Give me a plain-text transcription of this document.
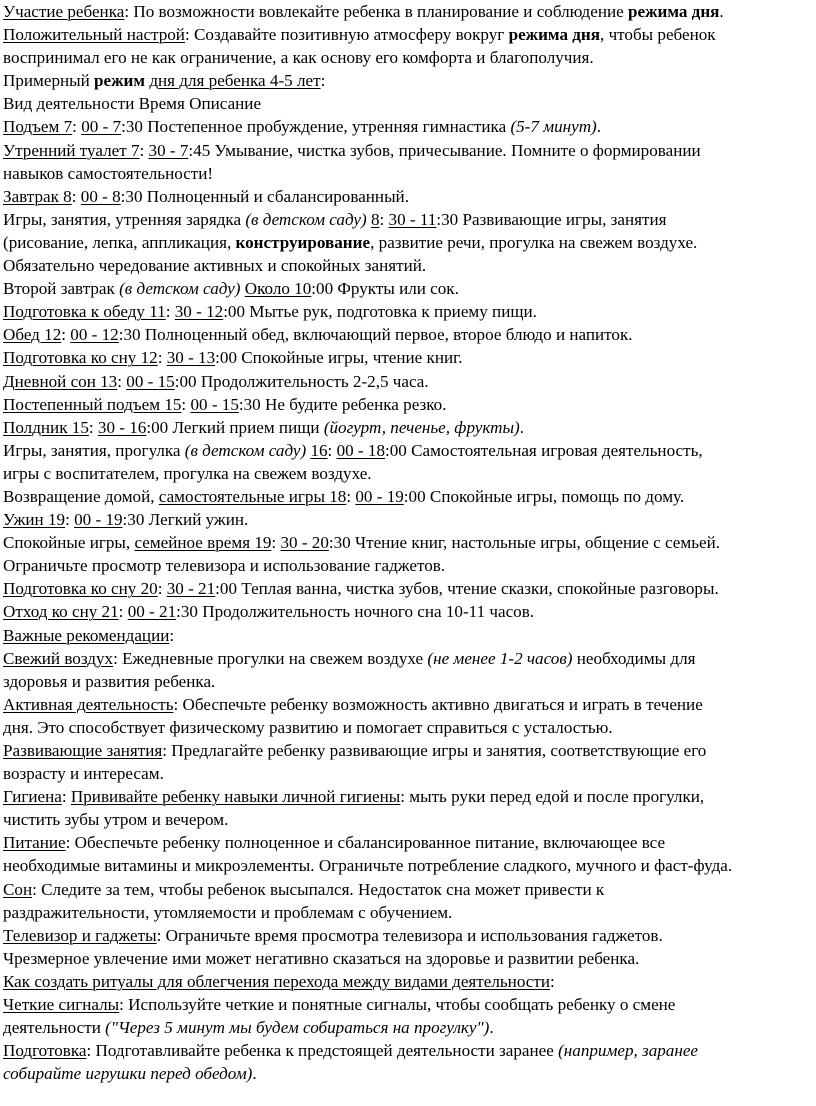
Участие ребенка: По возможности вовлекайте ребенка в планирование и соблюдение режима дня.
Положительный настрой: Создавайте позитивную атмосферу вокруг режима дня, чтобы ребенок
воспринимал его не как ограничение, а как основу его комфорта и благополучия.
Примерный режим дня для ребенка 4-5 лет:
Вид деятельности Время Описание
Подъем 7: 00 - 7:30 Постепенное пробуждение, утренняя гимнастика (5-7 минут).
Утренний туалет 7: 30 - 7:45 Умывание, чистка зубов, причесывание. Помните о формировании
навыков самостоятельности!
Завтрак 8: 00 - 8:30 Полноценный и сбалансированный.
Игры, занятия, утренняя зарядка (в детском саду) 8: 30 - 11:30 Развивающие игры, занятия
(рисование, лепка, аппликация, конструирование, развитие речи, прогулка на свежем воздухе.
Обязательно чередование активных и спокойных занятий.
Второй завтрак (в детском саду) Около 10:00 Фрукты или сок.
Подготовка к обеду 11: 30 - 12:00 Мытье рук, подготовка к приему пищи.
Обед 12: 00 - 12:30 Полноценный обед, включающий первое, второе блюдо и напиток.
Подготовка ко сну 12: 30 - 13:00 Спокойные игры, чтение книг.
Дневной сон 13: 00 - 15:00 Продолжительность 2-2,5 часа.
Постепенный подъем 15: 00 - 15:30 Не будите ребенка резко.
Полдник 15: 30 - 16:00 Легкий прием пищи (йогурт, печенье, фрукты).
Игры, занятия, прогулка (в детском саду) 16: 00 - 18:00 Самостоятельная игровая деятельность,
игры с воспитателем, прогулка на свежем воздухе.
Возвращение домой, самостоятельные игры 18: 00 - 19:00 Спокойные игры, помощь по дому.
Ужин 19: 00 - 19:30 Легкий ужин.
Спокойные игры, семейное время 19: 30 - 20:30 Чтение книг, настольные игры, общение с семьей.
Ограничьте просмотр телевизора и использование гаджетов.
Подготовка ко сну 20: 30 - 21:00 Теплая ванна, чистка зубов, чтение сказки, спокойные разговоры.
Отход ко сну 21: 00 - 21:30 Продолжительность ночного сна 10-11 часов.
Важные рекомендации:
Свежий воздух: Ежедневные прогулки на свежем воздухе (не менее 1-2 часов) необходимы для
здоровья и развития ребенка.
Активная деятельность: Обеспечьте ребенку возможность активно двигаться и играть в течение
дня. Это способствует физическому развитию и помогает справиться с усталостью.
Развивающие занятия: Предлагайте ребенку развивающие игры и занятия, соответствующие его
возрасту и интересам.
Гигиена: Прививайте ребенку навыки личной гигиены: мыть руки перед едой и после прогулки,
чистить зубы утром и вечером.
Питание: Обеспечьте ребенку полноценное и сбалансированное питание, включающее все
необходимые витамины и микроэлементы. Ограничьте потребление сладкого, мучного и фаст-фуда.
Сон: Следите за тем, чтобы ребенок высыпался. Недостаток сна может привести к
раздражительности, утомляемости и проблемам с обучением.
Телевизор и гаджеты: Ограничьте время просмотра телевизора и использования гаджетов.
Чрезмерное увлечение ими может негативно сказаться на здоровье и развитии ребенка.
Как создать ритуалы для облегчения перехода между видами деятельности:
Четкие сигналы: Используйте четкие и понятные сигналы, чтобы сообщать ребенку о смене
деятельности ("Через 5 минут мы будем собираться на прогулку").
Подготовка: Подготавливайте ребенка к предстоящей деятельности заранее (например, заранее
собирайте игрушки перед обедом).
